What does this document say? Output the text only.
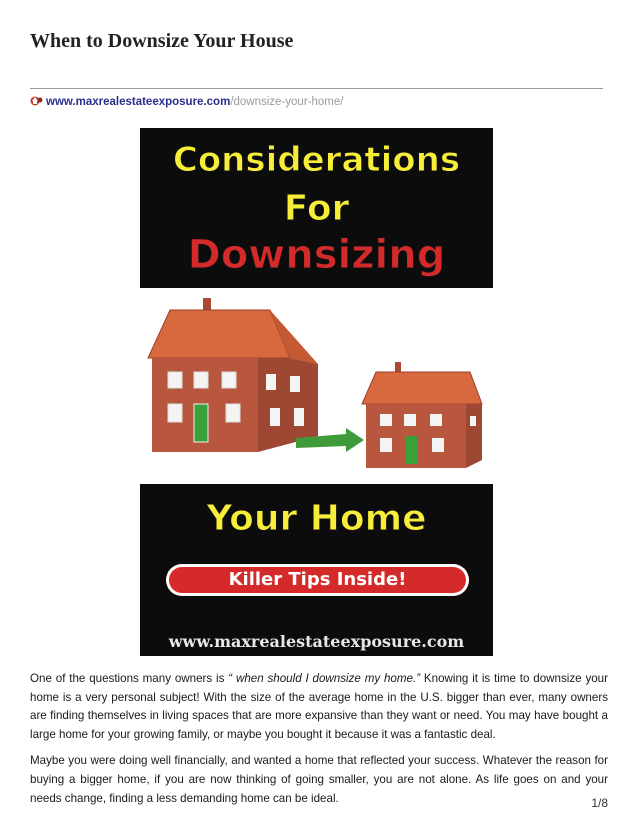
When to Downsize Your House
www.maxrealestateexposure.com/downsize-your-home/
Considerations
For
Downsizing
Your Home
Killer Tips Inside!
www.maxrealestateexposure.com

One of the questions many owners is “ when should I downsize my home.” Knowing it is time to downsize your home is a very personal subject! With the size of the average home in the U.S. bigger than ever, many owners are finding themselves in living spaces that are more expansive than they want or need. You may have bought a large home for your growing family, or maybe you bought it because it was a fantastic deal.

Maybe you were doing well financially, and wanted a home that reflected your success. Whatever the reason for buying a bigger home, if you are now thinking of going smaller, you are not alone. As life goes on and your needs change, finding a less demanding home can be ideal.	1/8
